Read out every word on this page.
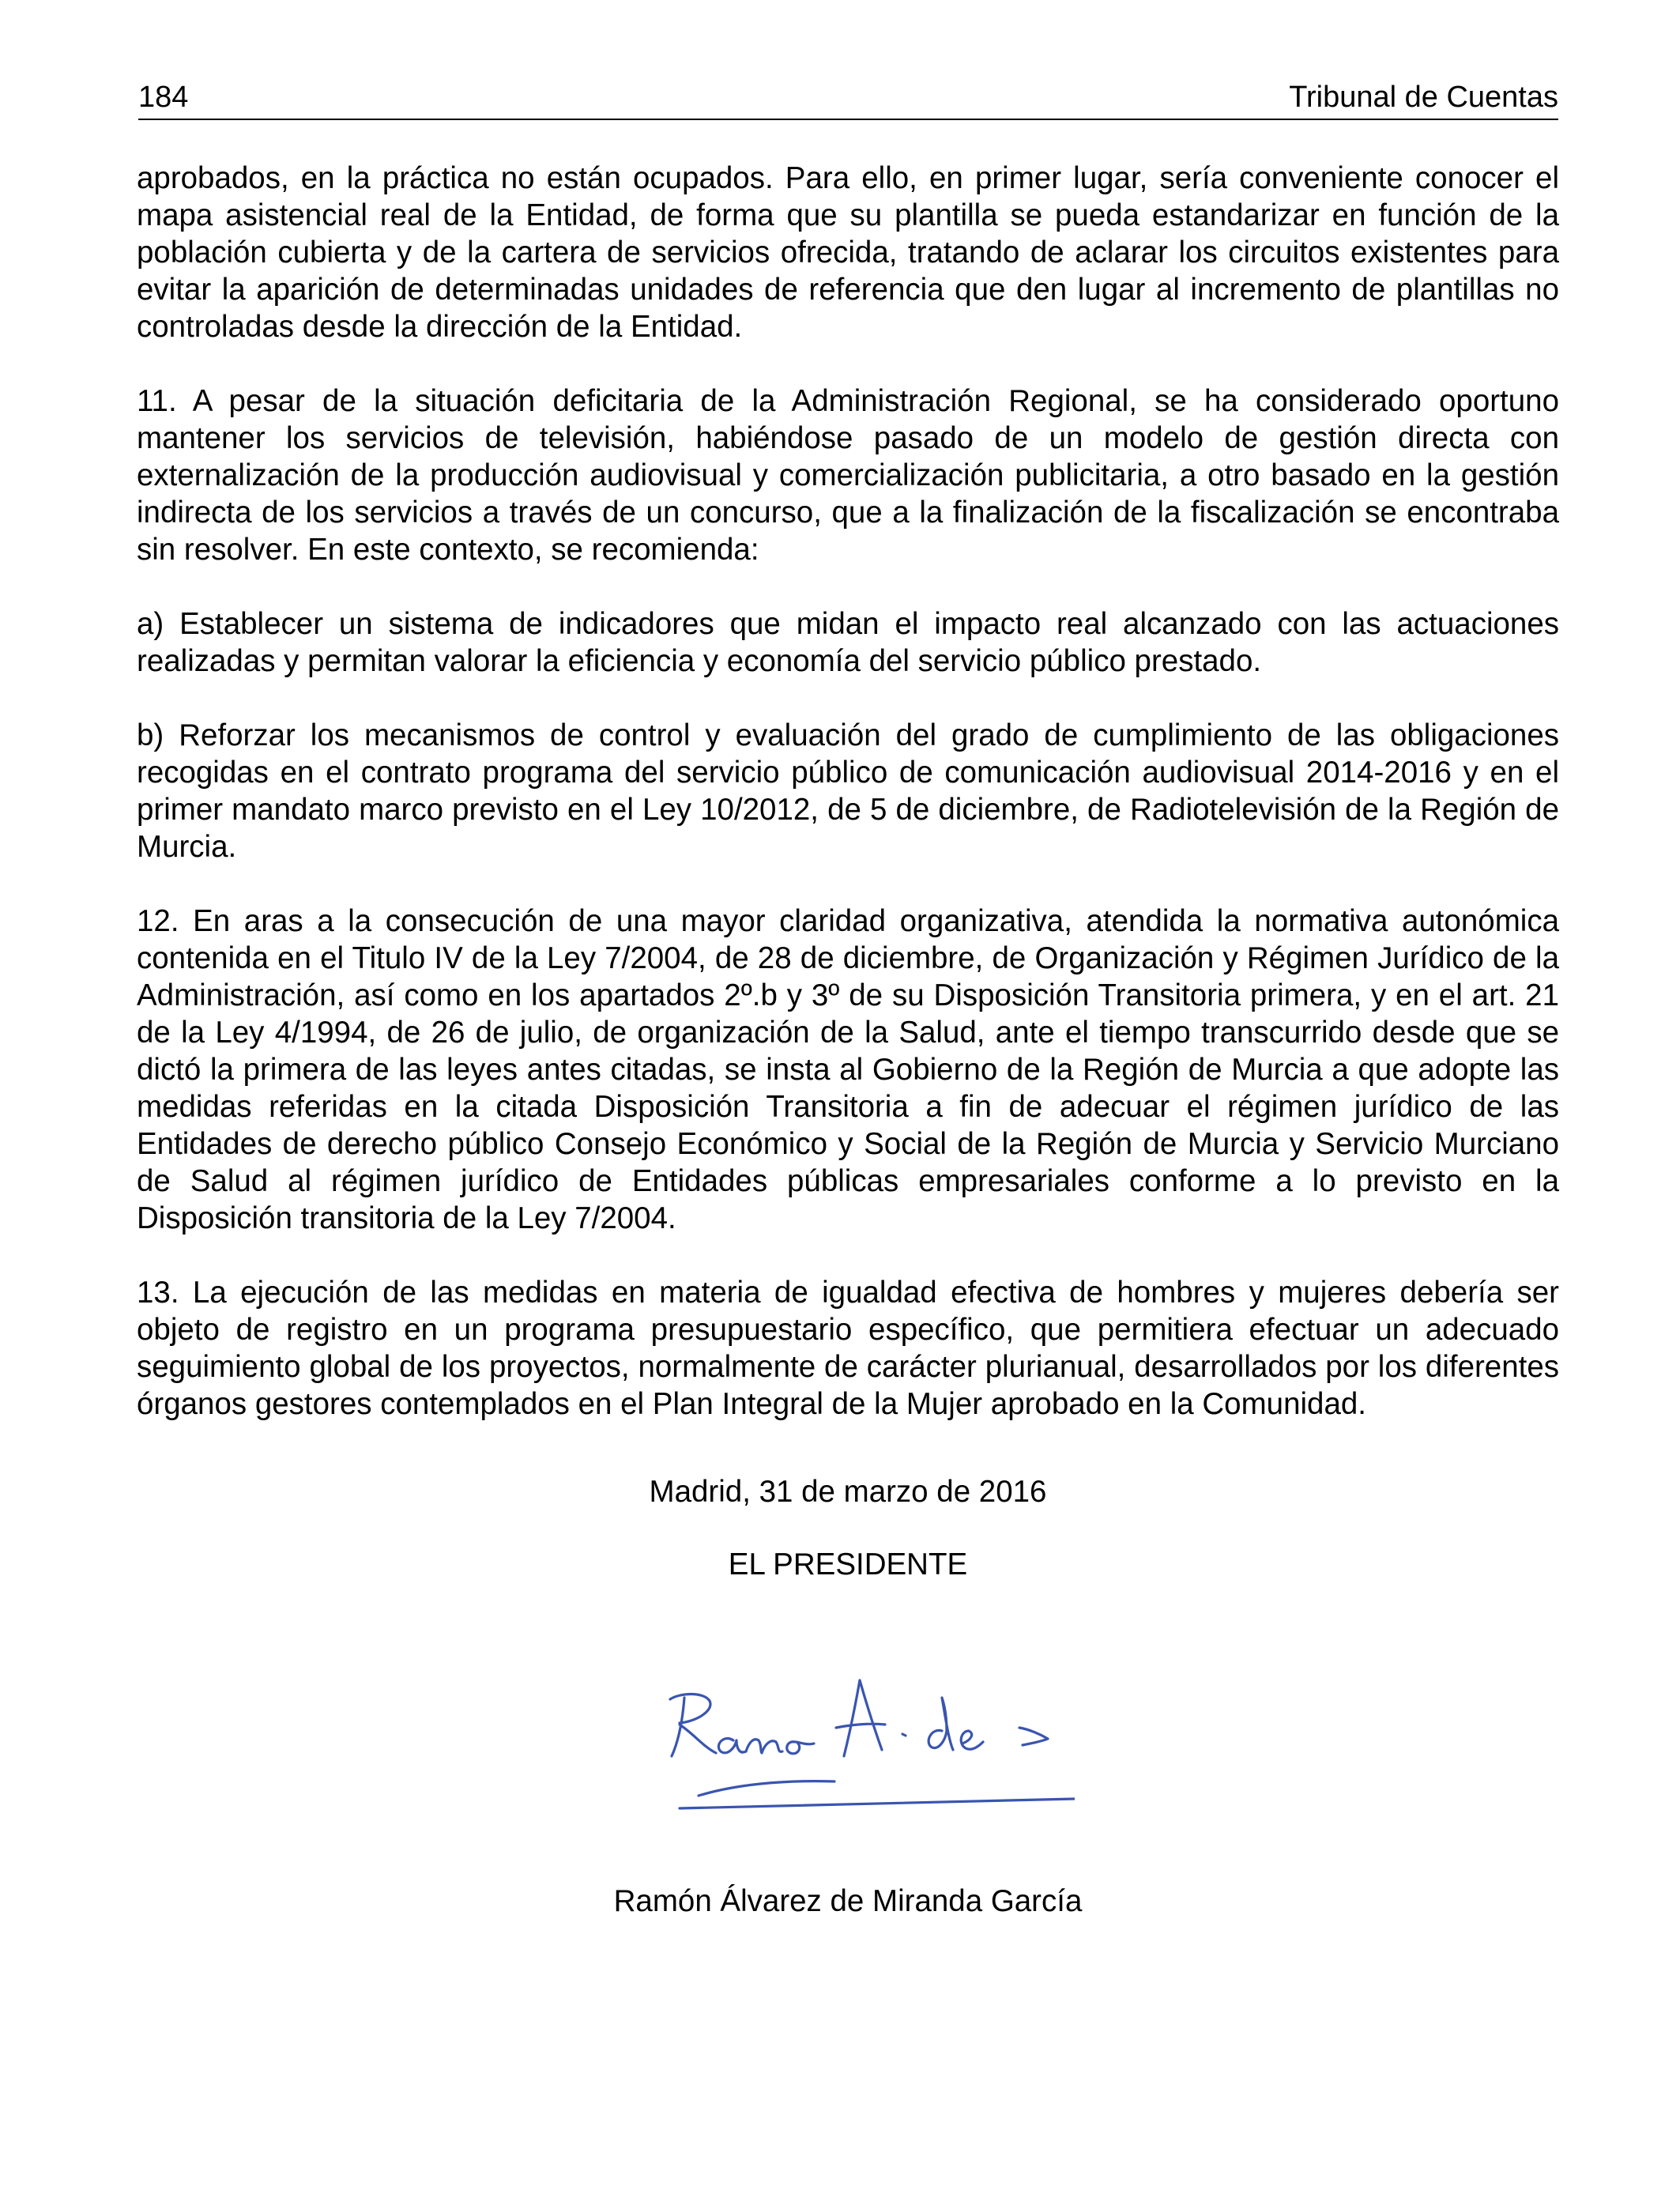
184	Tribunal de Cuentas

aprobados, en la práctica no están ocupados. Para ello, en primer lugar, sería conveniente conocer el mapa asistencial real de la Entidad, de forma que su plantilla se pueda estandarizar en función de la población cubierta y de la cartera de servicios ofrecida, tratando de aclarar los circuitos existentes para evitar la aparición de determinadas unidades de referencia que den lugar al incremento de plantillas no controladas desde la dirección de la Entidad.

11. A pesar de la situación deficitaria de la Administración Regional, se ha considerado oportuno mantener los servicios de televisión, habiéndose pasado de un modelo de gestión directa con externalización de la producción audiovisual y comercialización publicitaria, a otro basado en la gestión indirecta de los servicios a través de un concurso, que a la finalización de la fiscalización se encontraba sin resolver. En este contexto, se recomienda:

a) Establecer un sistema de indicadores que midan el impacto real alcanzado con las actuaciones realizadas y permitan valorar la eficiencia y economía del servicio público prestado.

b) Reforzar los mecanismos de control y evaluación del grado de cumplimiento de las obligaciones recogidas en el contrato programa del servicio público de comunicación audiovisual 2014-2016 y en el primer mandato marco previsto en el Ley 10/2012, de 5 de diciembre, de Radiotelevisión de la Región de Murcia.

12. En aras a la consecución de una mayor claridad organizativa, atendida la normativa autonómica contenida en el Titulo IV de la Ley 7/2004, de 28 de diciembre, de Organización y Régimen Jurídico de la Administración, así como en los apartados 2º.b y 3º de su Disposición Transitoria primera, y en el art. 21 de la Ley 4/1994, de 26 de julio, de organización de la Salud, ante el tiempo transcurrido desde que se dictó la primera de las leyes antes citadas, se insta al Gobierno de la Región de Murcia a que adopte las medidas referidas en la citada Disposición Transitoria a fin de adecuar el régimen jurídico de las Entidades de derecho público Consejo Económico y Social de la Región de Murcia y Servicio Murciano de Salud al régimen jurídico de Entidades públicas empresariales conforme a lo previsto en la Disposición transitoria de la Ley 7/2004.

13. La ejecución de las medidas en materia de igualdad efectiva de hombres y mujeres debería ser objeto de registro en un programa presupuestario específico, que permitiera efectuar un adecuado seguimiento global de los proyectos, normalmente de carácter plurianual, desarrollados por los diferentes órganos gestores contemplados en el Plan Integral de la Mujer aprobado en la Comunidad.

Madrid, 31 de marzo de 2016
EL PRESIDENTE
Ramón Álvarez de Miranda García
